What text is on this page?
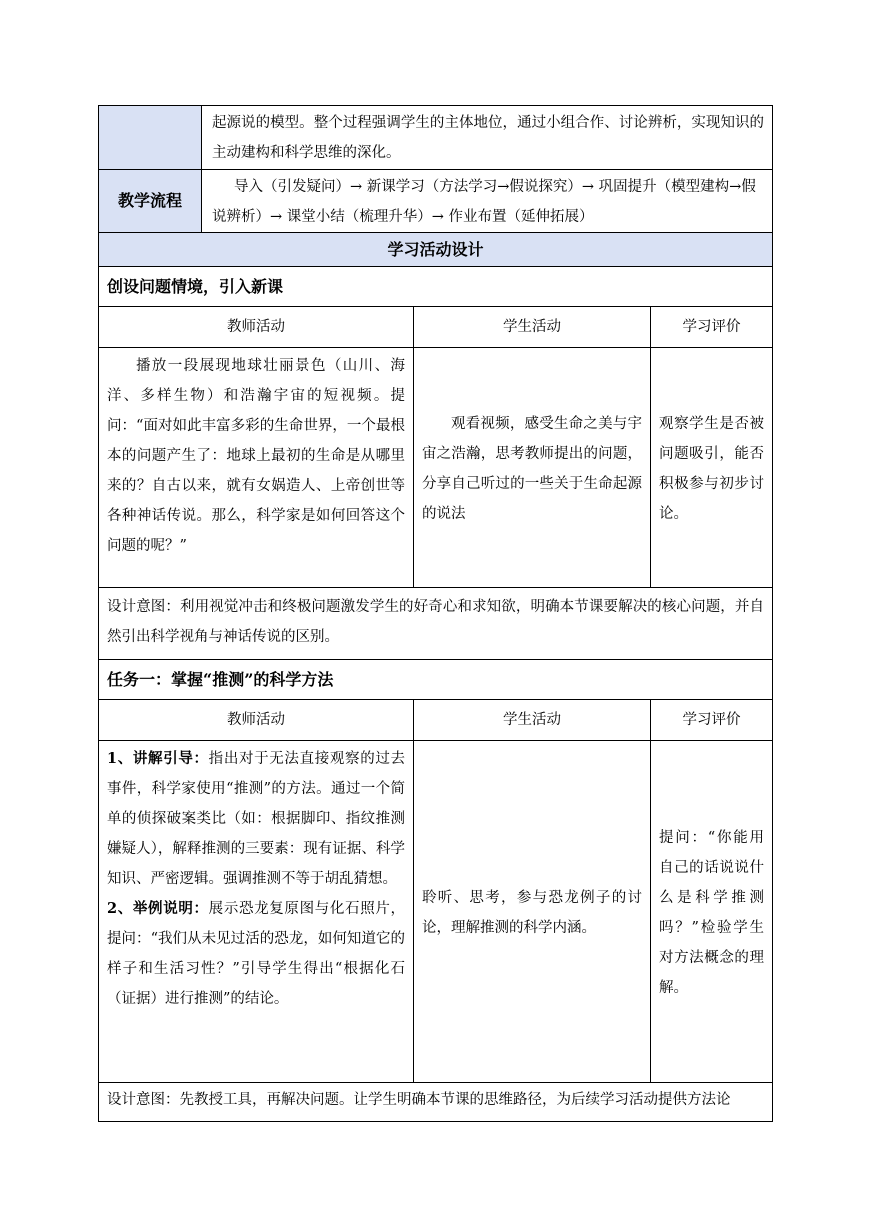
	起源说的模型。整个过程强调学生的主体地位，通过小组合作、讨论辨析，实现知识的主动建构和科学思维的深化。		

教学流程	导入（引发疑问）→ 新课学习（方法学习→假说探究）→ 巩固提升（模型建构→假说辨析）→ 课堂小结（梳理升华）→ 作业布置（延伸拓展）		
学习活动设计			
创设问题情境，引入新课			
教师活动		学生活动	学习评价
播放一段展现地球壮丽景色（山川、海洋、多样生物）和浩瀚宇宙的短视频。提问：“面对如此丰富多彩的生命世界，一个最根本的问题产生了：地球上最初的生命是从哪里来的？自古以来，就有女娲造人、上帝创世等各种神话传说。那么，科学家是如何回答这个问题的呢？”		观看视频，感受生命之美与宇宙之浩瀚，思考教师提出的问题，分享自己听过的一些关于生命起源的说法	观察学生是否被问题吸引，能否积极参与初步讨论。
设计意图：利用视觉冲击和终极问题激发学生的好奇心和求知欲，明确本节课要解决的核心问题，并自然引出科学视角与神话传说的区别。			
任务一：掌握“推测”的科学方法			
教师活动		学生活动	学习评价

1、讲解引导：指出对于无法直接观察的过去事件，科学家使用“推测”的方法。通过一个简单的侦探破案类比（如：根据脚印、指纹推测嫌疑人），解释推测的三要素：现有证据、科学知识、严密逻辑。强调推测不等于胡乱猜想。
2、举例说明：展示恐龙复原图与化石照片，提问：“我们从未见过活的恐龙，如何知道它的样子和生活习性？”引导学生得出“根据化石（证据）进行推测”的结论。		聆听、思考，参与恐龙例子的讨论，理解推测的科学内涵。	提问：“你能用自己的话说说什么是科学推测吗？”检验学生对方法概念的理解。
设计意图：先教授工具，再解决问题。让学生明确本节课的思维路径，为后续学习活动提供方法论			
